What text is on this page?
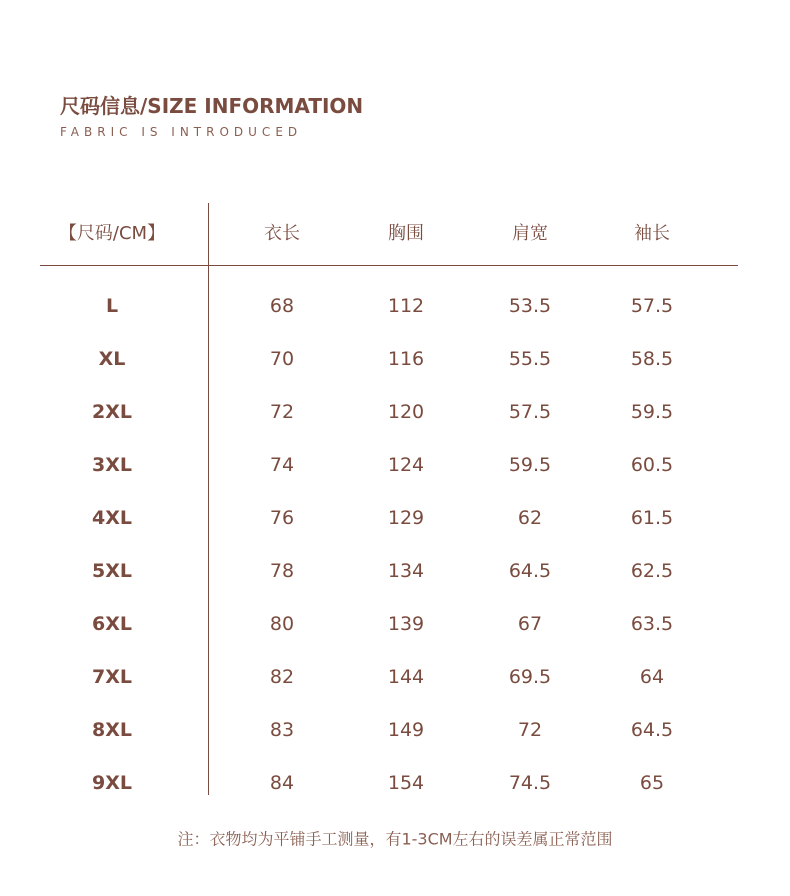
尺码信息/SIZE INFORMATION
FABRIC IS INTRODUCED
【尺码/CM】	衣长	胸围	肩宽	袖长
L	68	112	53.5	57.5
XL	70	116	55.5	58.5
2XL	72	120	57.5	59.5
3XL	74	124	59.5	60.5
4XL	76	129	62	61.5
5XL	78	134	64.5	62.5
6XL	80	139	67	63.5
7XL	82	144	69.5	64
8XL	83	149	72	64.5
9XL	84	154	74.5	65
注：衣物均为平铺手工测量，有1-3CM左右的误差属正常范围
